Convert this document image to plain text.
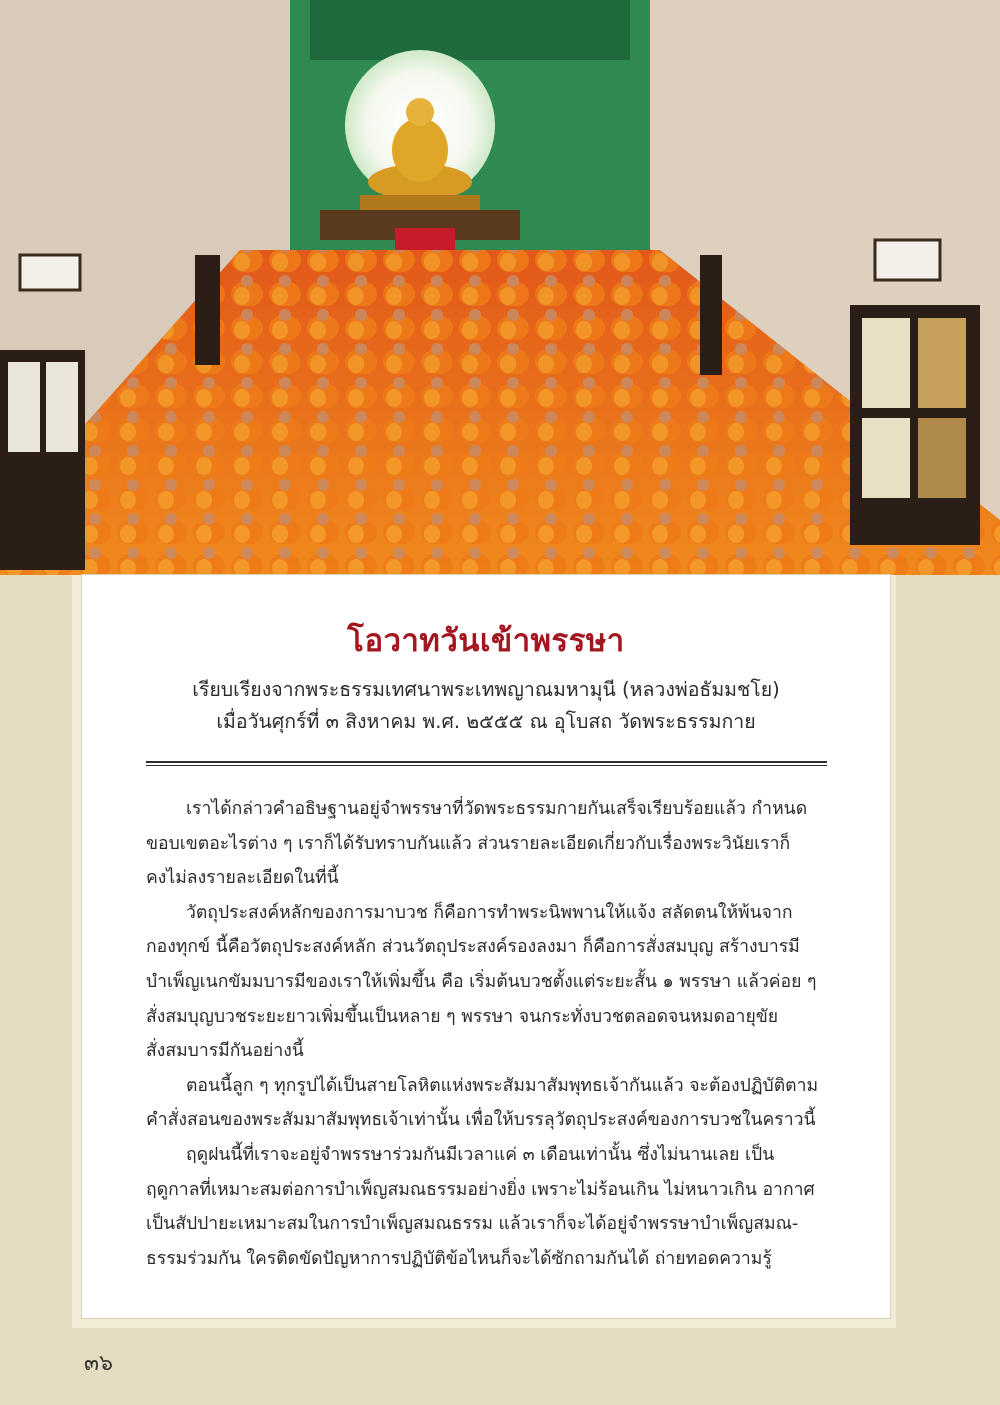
โอวาทวันเข้าพรรษา
เรียบเรียงจากพระธรรมเทศนาพระเทพญาณมหามุนี (หลวงพ่อธัมมชโย)
เมื่อวันศุกร์ที่ ๓ สิงหาคม พ.ศ. ๒๕๕๕ ณ อุโบสถ วัดพระธรรมกาย
เราได้กล่าวคำอธิษฐานอยู่จำพรรษาที่วัดพระธรรมกายกันเสร็จเรียบร้อยแล้ว กำหนด
ขอบเขตอะไรต่าง ๆ เราก็ได้รับทราบกันแล้ว ส่วนรายละเอียดเกี่ยวกับเรื่องพระวินัยเราก็
คงไม่ลงรายละเอียดในที่นี้
วัตถุประสงค์หลักของการมาบวช ก็คือการทำพระนิพพานให้แจ้ง สลัดตนให้พ้นจาก
กองทุกข์ นี้คือวัตถุประสงค์หลัก ส่วนวัตถุประสงค์รองลงมา ก็คือการสั่งสมบุญ สร้างบารมี
บำเพ็ญเนกขัมมบารมีของเราให้เพิ่มขึ้น คือ เริ่มต้นบวชตั้งแต่ระยะสั้น ๑ พรรษา แล้วค่อย ๆ
สั่งสมบุญบวชระยะยาวเพิ่มขึ้นเป็นหลาย ๆ พรรษา จนกระทั่งบวชตลอดจนหมดอายุขัย
สั่งสมบารมีกันอย่างนี้
ตอนนี้ลูก ๆ ทุกรูปได้เป็นสายโลหิตแห่งพระสัมมาสัมพุทธเจ้ากันแล้ว จะต้องปฏิบัติตาม
คำสั่งสอนของพระสัมมาสัมพุทธเจ้าเท่านั้น เพื่อให้บรรลุวัตถุประสงค์ของการบวชในคราวนี้
ฤดูฝนนี้ที่เราจะอยู่จำพรรษาร่วมกันมีเวลาแค่ ๓ เดือนเท่านั้น ซึ่งไม่นานเลย เป็น
ฤดูกาลที่เหมาะสมต่อการบำเพ็ญสมณธรรมอย่างยิ่ง เพราะไม่ร้อนเกิน ไม่หนาวเกิน อากาศ
เป็นสัปปายะเหมาะสมในการบำเพ็ญสมณธรรม แล้วเราก็จะได้อยู่จำพรรษาบำเพ็ญสมณ-
ธรรมร่วมกัน ใครติดขัดปัญหาการปฏิบัติข้อไหนก็จะได้ซักถามกันได้ ถ่ายทอดความรู้
๓๖
